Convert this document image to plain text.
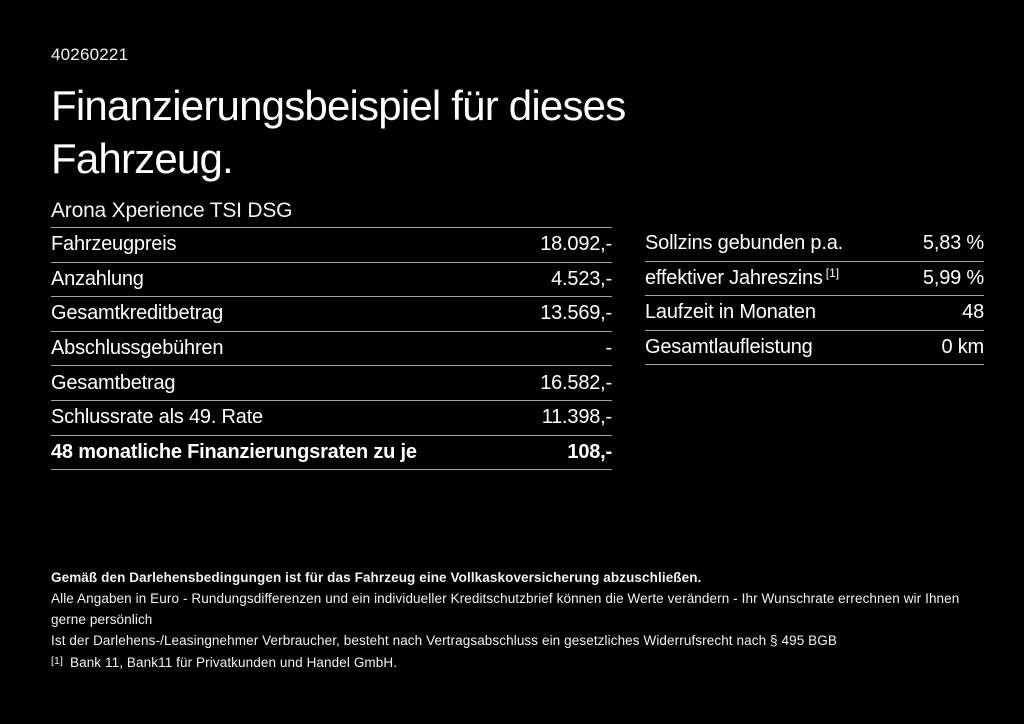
40260221
Finanzierungsbeispiel für dieses
Fahrzeug.
Arona Xperience TSI DSG
Fahrzeugpreis	18.092,-
Anzahlung	4.523,-
Gesamtkreditbetrag	13.569,-
Abschlussgebühren	-
Gesamtbetrag	16.582,-
Schlussrate als 49. Rate	11.398,-
48 monatliche Finanzierungsraten zu je	108,-
Sollzins gebunden p.a.	5,83 %
effektiver Jahreszins [1]	5,99 %
Laufzeit in Monaten	48
Gesamtlaufleistung	0 km
Gemäß den Darlehensbedingungen ist für das Fahrzeug eine Vollkaskoversicherung abzuschließen.
Alle Angaben in Euro - Rundungsdifferenzen und ein individueller Kreditschutzbrief können die Werte verändern - Ihr Wunschrate errechnen wir Ihnen gerne persönlich
Ist der Darlehens-/Leasingnehmer Verbraucher, besteht nach Vertragsabschluss ein gesetzliches Widerrufsrecht nach § 495 BGB
[1] Bank 11, Bank11 für Privatkunden und Handel GmbH.
